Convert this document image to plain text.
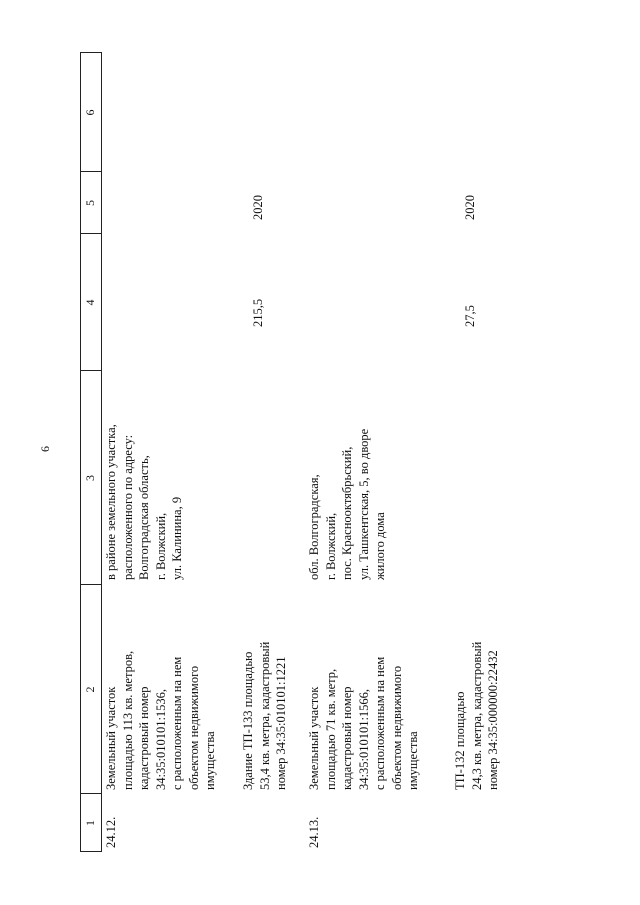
6
1
2
3
4
5
6
24.12.
Земельный участок площадью 113 кв. метров, кадастровый номер 34:35:010101:1536, с расположенным на нем объектом недвижимого имущества
в районе земельного участка, расположенного по адресу: Волгоградская область, г. Волжский, ул. Калинина, 9
Здание ТП-133 площадью 53,4 кв. метра, кадастровый номер 34:35:010101:1221
215,5
2020
24.13.
Земельный участок площадью 71 кв. метр, кадастровый номер 34:35:010101:1566, с расположенным на нем объектом недвижимого имущества
обл. Волгоградская, г. Волжский, пос. Краснооктябрьский, ул. Ташкентская, 5, во дворе жилого дома
ТП-132 площадью 24,3 кв. метра, кадастровый номер 34:35:000000:22432
27,5
2020
